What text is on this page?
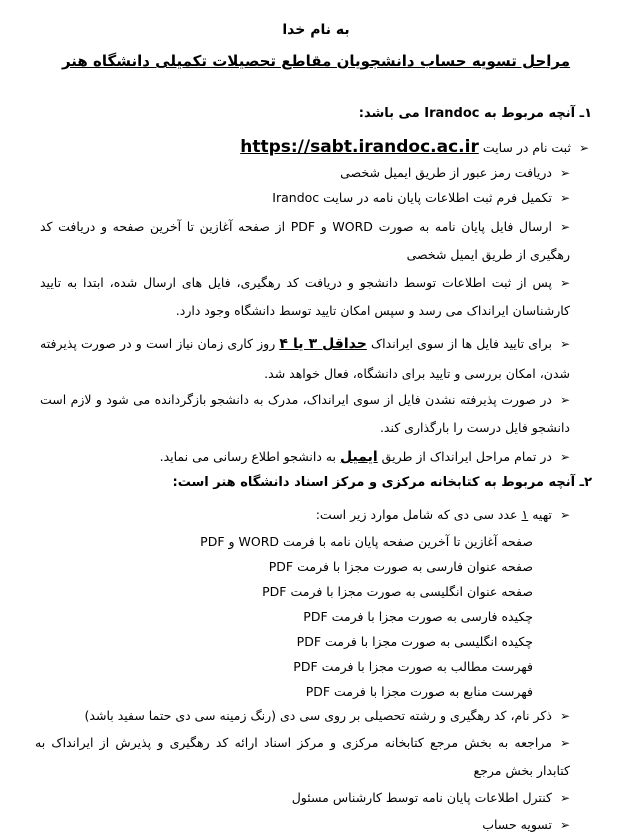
به نام خدا
مراحل تسویه حساب دانشجویان مقاطع تحصیلات تکمیلی دانشگاه هنر
۱ـ آنچه مربوط به Irandoc می باشد:
➢ثبت نام در سایت https://sabt.irandoc.ac.ir
➢دریافت رمز عبور از طریق ایمیل شخصی
➢تکمیل فرم ثبت اطلاعات پایان نامه در سایت Irandoc
➢ارسال فایل پایان نامه به صورت WORD و PDF از صفحه آغازین تا آخرین صفحه و دریافت کد رهگیری از طریق ایمیل شخصی
➢پس از ثبت اطلاعات توسط دانشجو و دریافت کد رهگیری، فایل های ارسال شده، ابتدا به تایید کارشناسان ایرانداک می رسد و سپس امکان تایید توسط دانشگاه وجود دارد.
➢برای تایید فایل ها از سوی ایرانداک حداقل ۳ یا ۴ روز کاری زمان نیاز است و در صورت پذیرفته شدن، امکان بررسی و تایید برای دانشگاه، فعال خواهد شد.
➢در صورت پذیرفته نشدن فایل از سوی ایرانداک، مدرک به دانشجو بازگردانده می شود و لازم است دانشجو فایل درست را بارگذاری کند.
➢در تمام مراحل ایرانداک از طریق ایمیل به دانشجو اطلاع رسانی می نماید.
۲ـ آنچه مربوط به کتابخانه مرکزی و مرکز اسناد دانشگاه هنر است:
➢تهیه ۱ عدد سی دی که شامل موارد زیر است:
صفحه آغازین تا آخرین صفحه پایان نامه با فرمت WORD و PDF
صفحه عنوان فارسی به صورت مجزا با فرمت PDF
صفحه عنوان انگلیسی به صورت مجزا با فرمت PDF
چکیده فارسی به صورت مجزا با فرمت PDF
چکیده انگلیسی به صورت مجزا با فرمت PDF
فهرست مطالب به صورت مجزا با فرمت PDF
فهرست منابع به صورت مجزا با فرمت PDF
➢ذکر نام، کد رهگیری و رشته تحصیلی بر روی سی دی (رنگ زمینه سی دی حتما سفید باشد)
➢مراجعه به بخش مرجع کتابخانه مرکزی و مرکز اسناد ارائه کد رهگیری و پذیرش از ایرانداک به کتابدار بخش مرجع
➢کنترل اطلاعات پایان نامه توسط کارشناس مسئول
➢تسویه حساب
